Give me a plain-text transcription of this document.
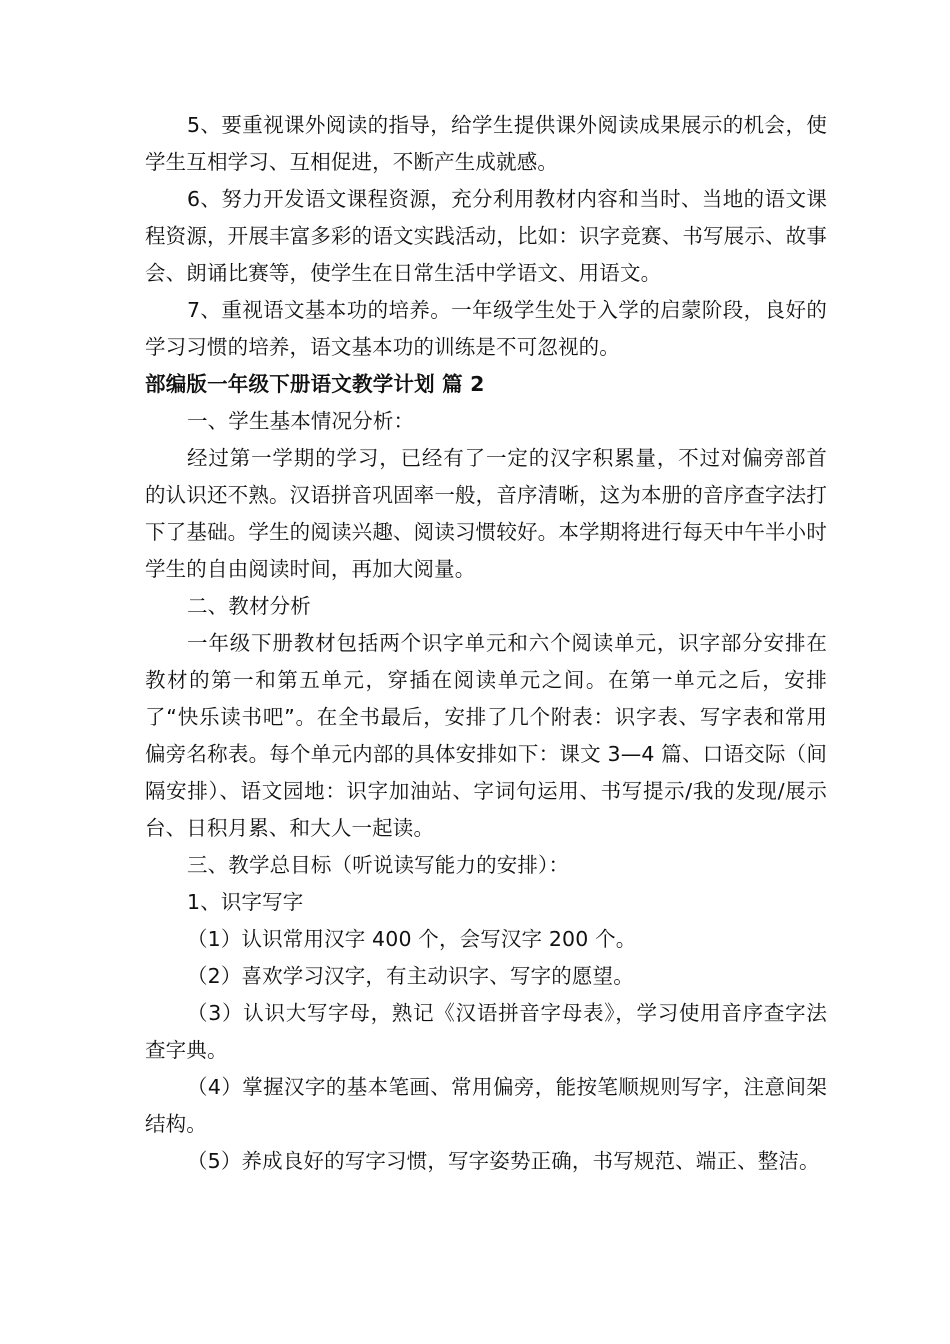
5、要重视课外阅读的指导，给学生提供课外阅读成果展示的机会，使学生互相学习、互相促进，不断产生成就感。

6、努力开发语文课程资源，充分利用教材内容和当时、当地的语文课程资源，开展丰富多彩的语文实践活动，比如：识字竞赛、书写展示、故事会、朗诵比赛等，使学生在日常生活中学语文、用语文。

7、重视语文基本功的培养。一年级学生处于入学的启蒙阶段，良好的学习习惯的培养，语文基本功的训练是不可忽视的。

部编版一年级下册语文教学计划 篇 2

一、学生基本情况分析：

经过第一学期的学习，已经有了一定的汉字积累量，不过对偏旁部首的认识还不熟。汉语拼音巩固率一般，音序清晰，这为本册的音序查字法打下了基础。学生的阅读兴趣、阅读习惯较好。本学期将进行每天中午半小时学生的自由阅读时间，再加大阅量。

二、教材分析

一年级下册教材包括两个识字单元和六个阅读单元，识字部分安排在教材的第一和第五单元，穿插在阅读单元之间。在第一单元之后，安排了“快乐读书吧”。在全书最后，安排了几个附表：识字表、写字表和常用偏旁名称表。每个单元内部的具体安排如下：课文 3—4 篇、口语交际（间隔安排）、语文园地：识字加油站、字词句运用、书写提示/我的发现/展示台、日积月累、和大人一起读。

三、教学总目标（听说读写能力的安排）：

1、识字写字

（1）认识常用汉字 400 个，会写汉字 200 个。

（2）喜欢学习汉字，有主动识字、写字的愿望。

（3）认识大写字母，熟记《汉语拼音字母表》，学习使用音序查字法查字典。

（4）掌握汉字的基本笔画、常用偏旁，能按笔顺规则写字，注意间架结构。

（5）养成良好的写字习惯，写字姿势正确，书写规范、端正、整洁。
